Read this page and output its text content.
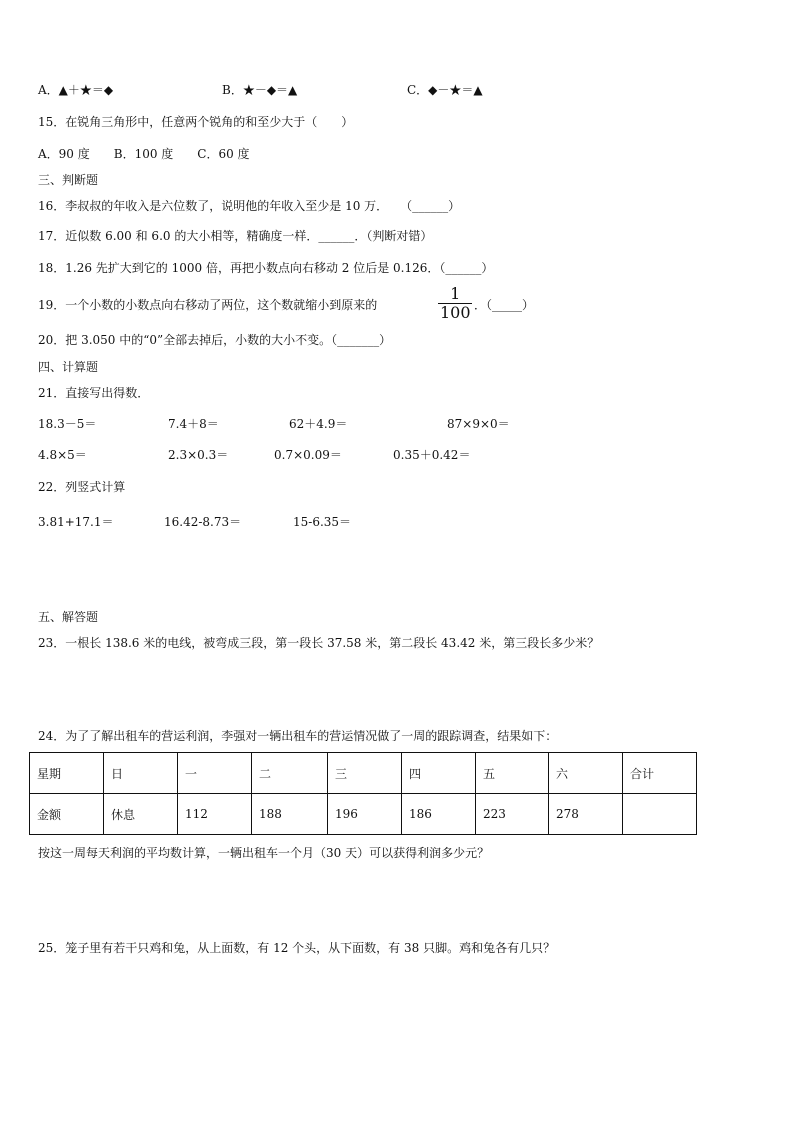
A．▲＋★＝◆	B．★－◆＝▲	C．◆－★＝▲
15．在锐角三角形中，任意两个锐角的和至少大于（　　）
A．90 度　　B．100 度　　C．60 度
三、判断题
16．李叔叔的年收入是六位数了，说明他的年收入至少是 10 万．　　（______）
17．近似数 6.00 和 6.0 的大小相等，精确度一样．______．（判断对错）
18．1.26 先扩大到它的 1000 倍，再把小数点向右移动 2 位后是 0.126．（______）
19．一个小数的小数点向右移动了两位，这个数就缩小到原来的
1
100 ．（_____）
20．把 3.050 中的“0”全部去掉后，小数的大小不变。（_______）
四、计算题
21．直接写出得数．
18.3－5＝	7.4＋8＝	62＋4.9＝	87×9×0＝
4.8×5＝	2.3×0.3＝	0.7×0.09＝	0.35＋0.42＝
22．列竖式计算
3.81+17.1＝	16.42-8.73＝	15-6.35＝
五、解答题
23．一根长 138.6 米的电线，被弯成三段，第一段长 37.58 米，第二段长 43.42 米，第三段长多少米？
24．为了了解出租车的营运利润，李强对一辆出租车的营运情况做了一周的跟踪调查，结果如下：
星期	日	一	二	三	四	五	六	合计
金额	休息	112	188	196	186	223	278	
按这一周每天利润的平均数计算，一辆出租车一个月（30 天）可以获得利润多少元？
25．笼子里有若干只鸡和兔，从上面数，有 12 个头，从下面数，有 38 只脚。鸡和兔各有几只？
